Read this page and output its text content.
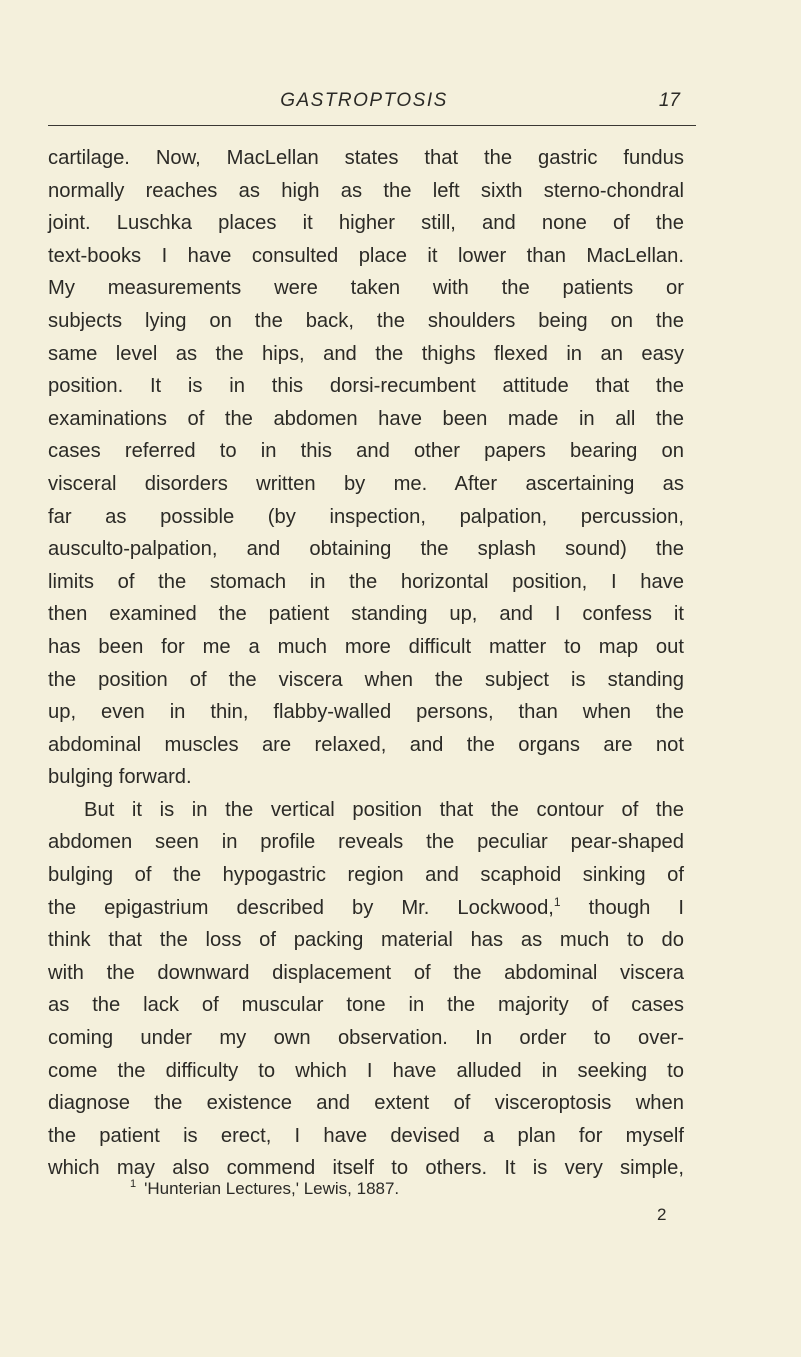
GASTROPTOSIS	17
cartilage. Now, MacLellan states that the gastric fundus
normally reaches as high as the left sixth sterno-chondral
joint. Luschka places it higher still, and none of the
text-books I have consulted place it lower than MacLellan.
My measurements were taken with the patients or
subjects lying on the back, the shoulders being on the
same level as the hips, and the thighs flexed in an easy
position. It is in this dorsi-recumbent attitude that the
examinations of the abdomen have been made in all the
cases referred to in this and other papers bearing on
visceral disorders written by me. After ascertaining as
far as possible (by inspection, palpation, percussion,
ausculto-palpation, and obtaining the splash sound) the
limits of the stomach in the horizontal position, I have
then examined the patient standing up, and I confess it
has been for me a much more difficult matter to map out
the position of the viscera when the subject is standing
up, even in thin, flabby-walled persons, than when the
abdominal muscles are relaxed, and the organs are not
bulging forward.
But it is in the vertical position that the contour of the
abdomen seen in profile reveals the peculiar pear-shaped
bulging of the hypogastric region and scaphoid sinking of
the epigastrium described by Mr. Lockwood,$^1$ though I
think that the loss of packing material has as much to do
with the downward displacement of the abdominal viscera
as the lack of muscular tone in the majority of cases
coming under my own observation. In order to over-
come the difficulty to which I have alluded in seeking to
diagnose the existence and extent of visceroptosis when
the patient is erect, I have devised a plan for myself
which may also commend itself to others. It is very simple,
$^1$ 'Hunterian Lectures,' Lewis, 1887.
2
